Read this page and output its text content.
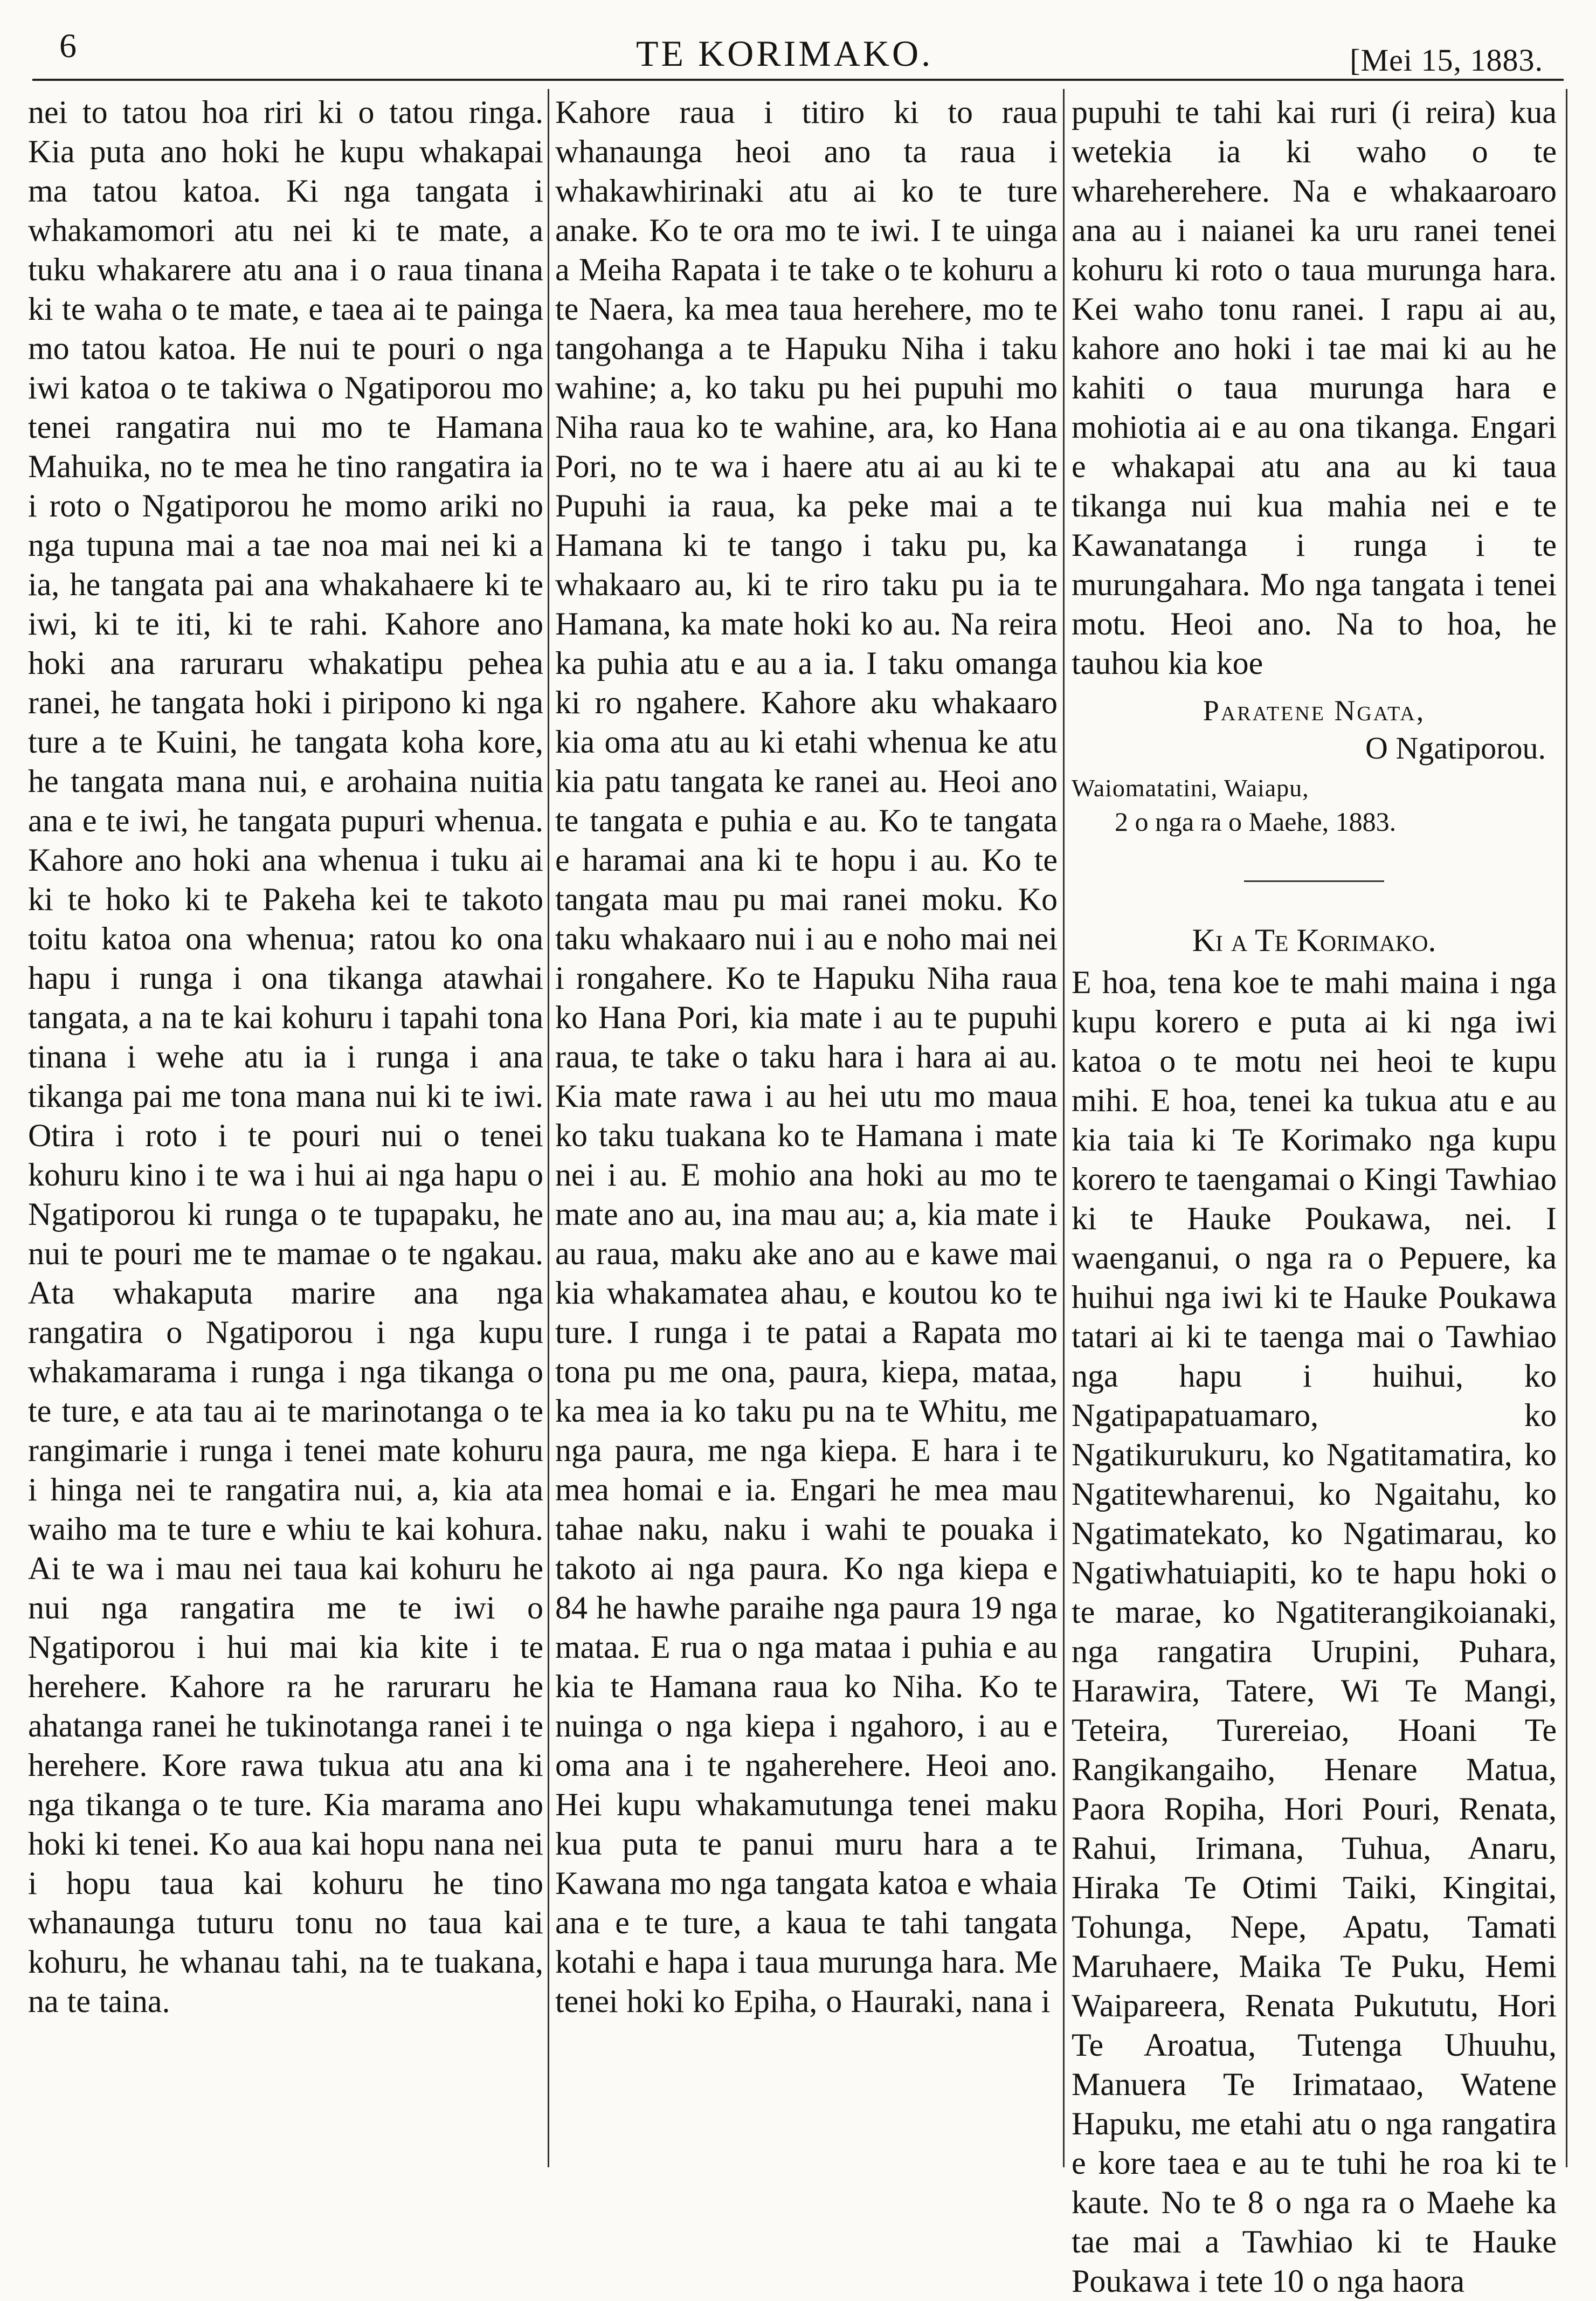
6	TE KORIMAKO.	[Mei 15, 1883.

nei to tatou hoa riri ki o tatou ringa. Kia puta ano hoki he kupu whakapai ma tatou katoa. Ki nga tangata i whakamomori atu nei ki te mate, a tuku whakarere atu ana i o raua tinana ki te waha o te mate, e taea ai te painga mo tatou katoa. He nui te pouri o nga iwi katoa o te takiwa o Ngatiporou mo tenei rangatira nui mo te Hamana Mahuika, no te mea he tino rangatira ia i roto o Ngatiporou he momo ariki no nga tupuna mai a tae noa mai nei ki a ia, he tangata pai ana whakahaere ki te iwi, ki te iti, ki te rahi. Kahore ano hoki ana raruraru whakatipu pehea ranei, he tangata hoki i piripono ki nga ture a te Kuini, he tangata koha kore, he tangata mana nui, e arohaina nuitia ana e te iwi, he tangata pupuri whenua. Kahore ano hoki ana whenua i tuku ai ki te hoko ki te Pakeha kei te takoto toitu katoa ona whenua; ratou ko ona hapu i runga i ona tikanga atawhai tangata, a na te kai kohuru i tapahi tona tinana i wehe atu ia i runga i ana tikanga pai me tona mana nui ki te iwi. Otira i roto i te pouri nui o tenei kohuru kino i te wa i hui ai nga hapu o Ngatiporou ki runga o te tupapaku, he nui te pouri me te mamae o te ngakau. Ata whakaputa marire ana nga rangatira o Ngatiporou i nga kupu whakamarama i runga i nga tikanga o te ture, e ata tau ai te marinotanga o te rangimarie i runga i tenei mate kohuru i hinga nei te rangatira nui, a, kia ata waiho ma te ture e whiu te kai kohura. Ai te wa i mau nei taua kai kohuru he nui nga rangatira me te iwi o Ngatiporou i hui mai kia kite i te herehere. Kahore ra he raruraru he ahatanga ranei he tukinotanga ranei i te herehere. Kore rawa tukua atu ana ki nga tikanga o te ture. Kia marama ano hoki ki tenei. Ko aua kai hopu nana nei i hopu taua kai kohuru he tino whanaunga tuturu tonu no taua kai kohuru, he whanau tahi, na te tuakana, na te taina.

Kahore raua i titiro ki to raua whanaunga heoi ano ta raua i whakawhirinaki atu ai ko te ture anake. Ko te ora mo te iwi. I te uinga a Meiha Rapata i te take o te kohuru a te Naera, ka mea taua herehere, mo te tangohanga a te Hapuku Niha i taku wahine; a, ko taku pu hei pupuhi mo Niha raua ko te wahine, ara, ko Hana Pori, no te wa i haere atu ai au ki te Pupuhi ia raua, ka peke mai a te Hamana ki te tango i taku pu, ka whakaaro au, ki te riro taku pu ia te Hamana, ka mate hoki ko au. Na reira ka puhia atu e au a ia. I taku omanga ki ro ngahere. Kahore aku whakaaro kia oma atu au ki etahi whenua ke atu kia patu tangata ke ranei au. Heoi ano te tangata e puhia e au. Ko te tangata e haramai ana ki te hopu i au. Ko te tangata mau pu mai ranei moku. Ko taku whakaaro nui i au e noho mai nei i rongahere. Ko te Hapuku Niha raua ko Hana Pori, kia mate i au te pupuhi raua, te take o taku hara i hara ai au. Kia mate rawa i au hei utu mo maua ko taku tuakana ko te Hamana i mate nei i au. E mohio ana hoki au mo te mate ano au, ina mau au; a, kia mate i au raua, maku ake ano au e kawe mai kia whakamatea ahau, e koutou ko te ture. I runga i te patai a Rapata mo tona pu me ona, paura, kiepa, mataa, ka mea ia ko taku pu na te Whitu, me nga paura, me nga kiepa. E hara i te mea homai e ia. Engari he mea mau tahae naku, naku i wahi te pouaka i takoto ai nga paura. Ko nga kiepa e 84 he hawhe paraihe nga paura 19 nga mataa. E rua o nga mataa i puhia e au kia te Hamana raua ko Niha. Ko te nuinga o nga kiepa i ngahoro, i au e oma ana i te ngaherehere. Heoi ano. Hei kupu whakamutunga tenei maku kua puta te panui muru hara a te Kawana mo nga tangata katoa e whaia ana e te ture, a kaua te tahi tangata kotahi e hapa i taua murunga hara. Me tenei hoki ko Epiha, o Hauraki, nana i

pupuhi te tahi kai ruri (i reira) kua wetekia ia ki waho o te whareherehere. Na e whakaaroaro ana au i naianei ka uru ranei tenei kohuru ki roto o taua murunga hara. Kei waho tonu ranei. I rapu ai au, kahore ano hoki i tae mai ki au he kahiti o taua murunga hara e mohiotia ai e au ona tikanga. Engari e whakapai atu ana au ki taua tikanga nui kua mahia nei e te Kawanatanga i runga i te murungahara. Mo nga tangata i tenei motu. Heoi ano. Na to hoa, he tauhou kia koe

Paratene Ngata,
O Ngatiporou.
Waiomatatini, Waiapu,
2 o nga ra o Maehe, 1883.
Ki a Te Korimako.

E hoa, tena koe te mahi maina i nga kupu korero e puta ai ki nga iwi katoa o te motu nei heoi te kupu mihi. E hoa, tenei ka tukua atu e au kia taia ki Te Korimako nga kupu korero te taengamai o Kingi Tawhiao ki te Hauke Poukawa, nei. I waenganui, o nga ra o Pepuere, ka huihui nga iwi ki te Hauke Poukawa tatari ai ki te taenga mai o Tawhiao nga hapu i huihui, ko Ngatipapatuamaro, ko Ngatikurukuru, ko Ngatitamatira, ko Ngatitewharenui, ko Ngaitahu, ko Ngatimatekato, ko Ngatimarau, ko Ngatiwhatuiapiti, ko te hapu hoki o te marae, ko Ngatiterangikoianaki, nga rangatira Urupini, Puhara, Harawira, Tatere, Wi Te Mangi, Teteira, Turereiao, Hoani Te Rangikangaiho, Henare Matua, Paora Ropiha, Hori Pouri, Renata, Rahui, Irimana, Tuhua, Anaru, Hiraka Te Otimi Taiki, Kingitai, Tohunga, Nepe, Apatu, Tamati Maruhaere, Maika Te Puku, Hemi Waipareera, Renata Pukututu, Hori Te Aroatua, Tutenga Uhuuhu, Manuera Te Irimataao, Watene Hapuku, me etahi atu o nga rangatira e kore taea e au te tuhi he roa ki te kaute. No te 8 o nga ra o Maehe ka tae mai a Tawhiao ki te Hauke Poukawa i tete 10 o nga haora
